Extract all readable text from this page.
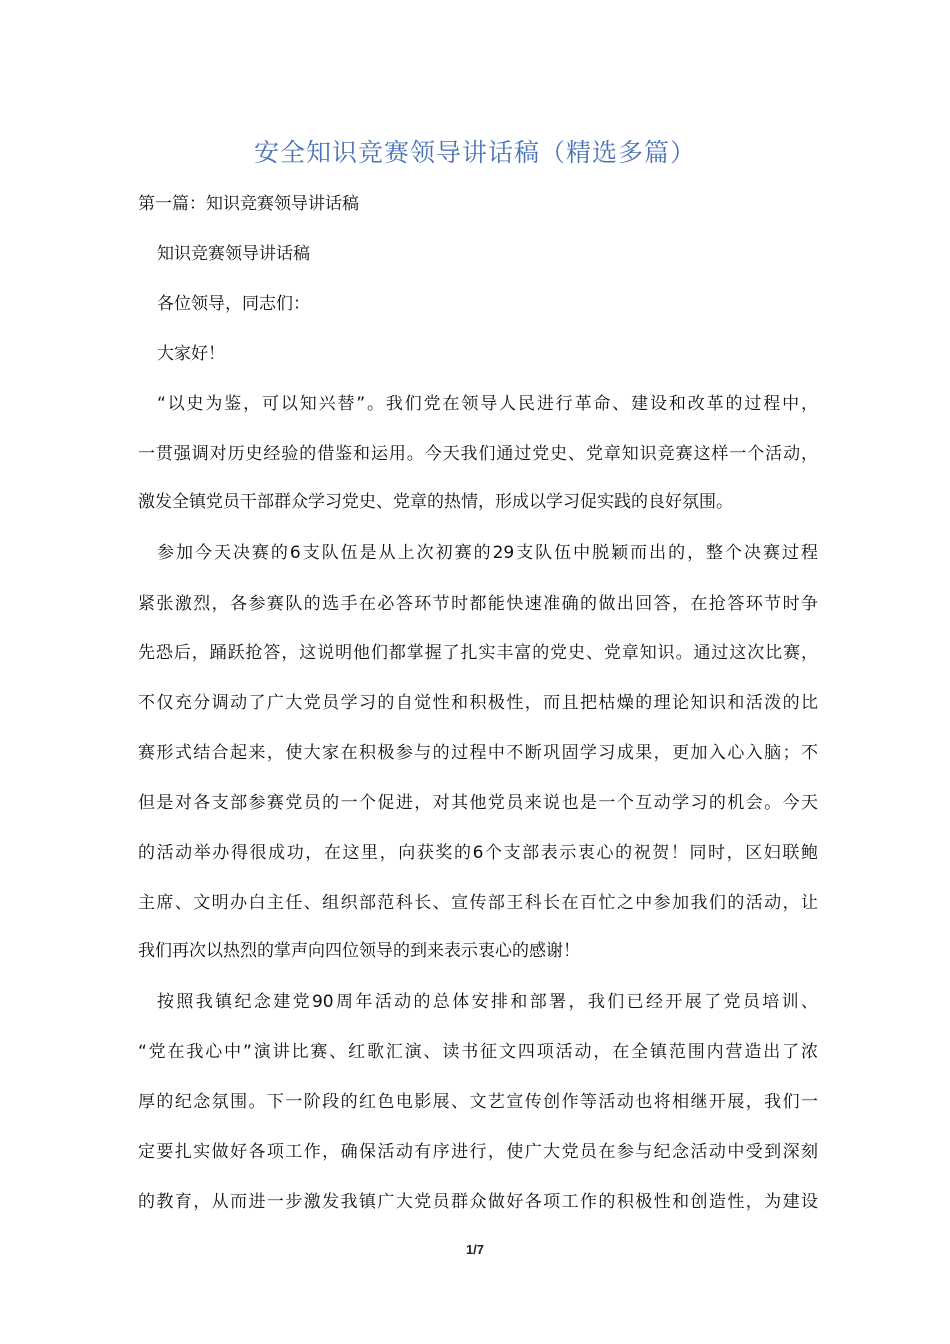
安全知识竞赛领导讲话稿（精选多篇）
第一篇：知识竞赛领导讲话稿
知识竞赛领导讲话稿
各位领导，同志们：
大家好！
“以史为鉴，可以知兴替”。我们党在领导人民进行革命、建设和改革的过程中，
一贯强调对历史经验的借鉴和运用。今天我们通过党史、党章知识竞赛这样一个活动，
激发全镇党员干部群众学习党史、党章的热情，形成以学习促实践的良好氛围。
参加今天决赛的6支队伍是从上次初赛的29支队伍中脱颖而出的，整个决赛过程
紧张激烈，各参赛队的选手在必答环节时都能快速准确的做出回答，在抢答环节时争
先恐后，踊跃抢答，这说明他们都掌握了扎实丰富的党史、党章知识。通过这次比赛，
不仅充分调动了广大党员学习的自觉性和积极性，而且把枯燥的理论知识和活泼的比
赛形式结合起来，使大家在积极参与的过程中不断巩固学习成果，更加入心入脑；不
但是对各支部参赛党员的一个促进，对其他党员来说也是一个互动学习的机会。今天
的活动举办得很成功，在这里，向获奖的6个支部表示衷心的祝贺！同时，区妇联鲍
主席、文明办白主任、组织部范科长、宣传部王科长在百忙之中参加我们的活动，让
我们再次以热烈的掌声向四位领导的到来表示衷心的感谢！
按照我镇纪念建党90周年活动的总体安排和部署，我们已经开展了党员培训、
“党在我心中”演讲比赛、红歌汇演、读书征文四项活动，在全镇范围内营造出了浓
厚的纪念氛围。下一阶段的红色电影展、文艺宣传创作等活动也将相继开展，我们一
定要扎实做好各项工作，确保活动有序进行，使广大党员在参与纪念活动中受到深刻
的教育，从而进一步激发我镇广大党员群众做好各项工作的积极性和创造性，为建设
1/7
